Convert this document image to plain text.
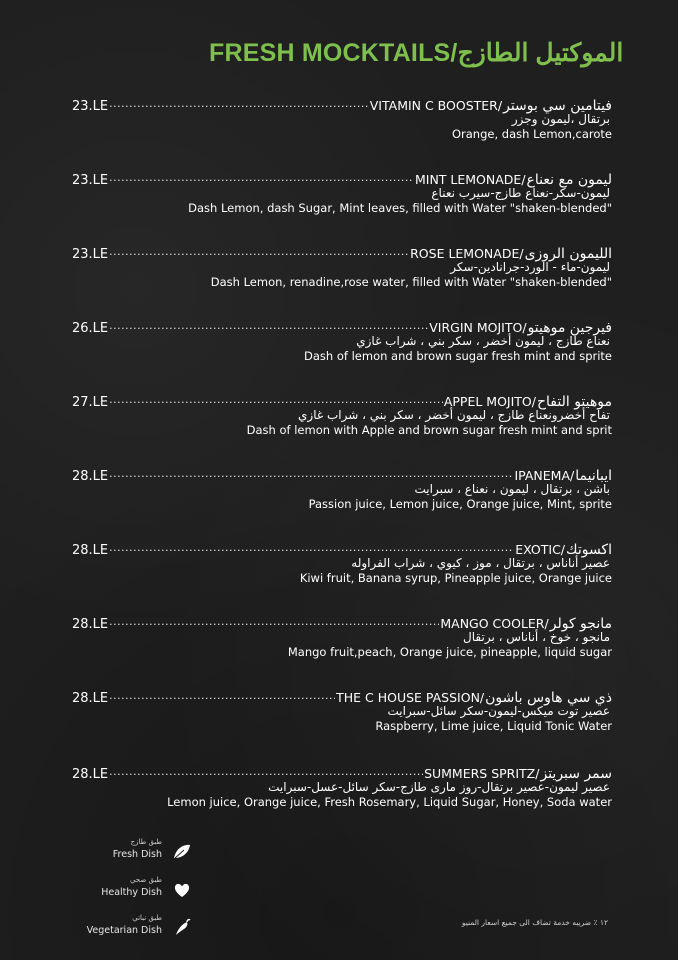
FRESH MOCKTAILS/الموكتيل الطازج
23.LE .....	VITAMIN C BOOSTER/ فيتامين سي بوستر
برتقال ،ليمون وجزر
Orange, dash Lemon,carote
23.LE .....	MINT LEMONADE/ ليمون مع نعناع
ليمون-سكر-نعناع طازج-سيرب نعناع
Dash Lemon, dash Sugar, Mint leaves, filled with Water "shaken-blended"
23.LE .....	ROSE LEMONADE/ الليمون الروزى
ليمون-ماء - الورد-جرانادين-سكر
Dash Lemon, renadine,rose water, filled with Water "shaken-blended"
26.LE .....	VIRGIN MOJITO/ فيرجين موهيتو
نعناع طازج ، ليمون أخضر ، سكر بني ، شراب غازي
Dash of lemon and brown sugar fresh mint and sprite
27.LE .....	APPEL MOJITO/ موهيتو التفاح
تفاح أخضرونعناع طازج ، ليمون أخضر ، سكر بني ، شراب غازي
Dash of lemon with Apple and brown sugar fresh mint and sprit
28.LE .....	IPANEMA/ ايبانيما
باشن ، برتقال ، ليمون ، نعناع ، سبرايت
Passion juice, Lemon juice, Orange juice, Mint, sprite
28.LE .....	EXOTIC/ اكسوتك
عصير أناناس ، برتقال ، موز ، كيوي ، شراب الفراوله
Kiwi fruit, Banana syrup, Pineapple juice, Orange juice
28.LE .....	MANGO COOLER/ مانجو كولر
مانجو ، خوخ ، أناناس ، برتقال
Mango fruit,peach, Orange juice, pineapple, liquid sugar
28.LE .....	THE C HOUSE PASSION/ ذي سي هاوس باشون
عصير توت ميكس-ليمون-سكر سائل-سبرايت
Raspberry, Lime juice, Liquid Tonic Water
28.LE .....	SUMMERS SPRITZ/ سمر سبريتز
عصير ليمون-عصير برتقال-روز مارى طازج-سكر سائل-عسل-سبرايت
Lemon juice, Orange juice, Fresh Rosemary, Liquid Sugar, Honey, Soda water
طبق طازج
Fresh Dish
طبق صحي
Healthy Dish
طبق نباتي
Vegetarian Dish
١٢ ٪ ضريبه خدمة تضاف الى جميع اسعار المنيو
